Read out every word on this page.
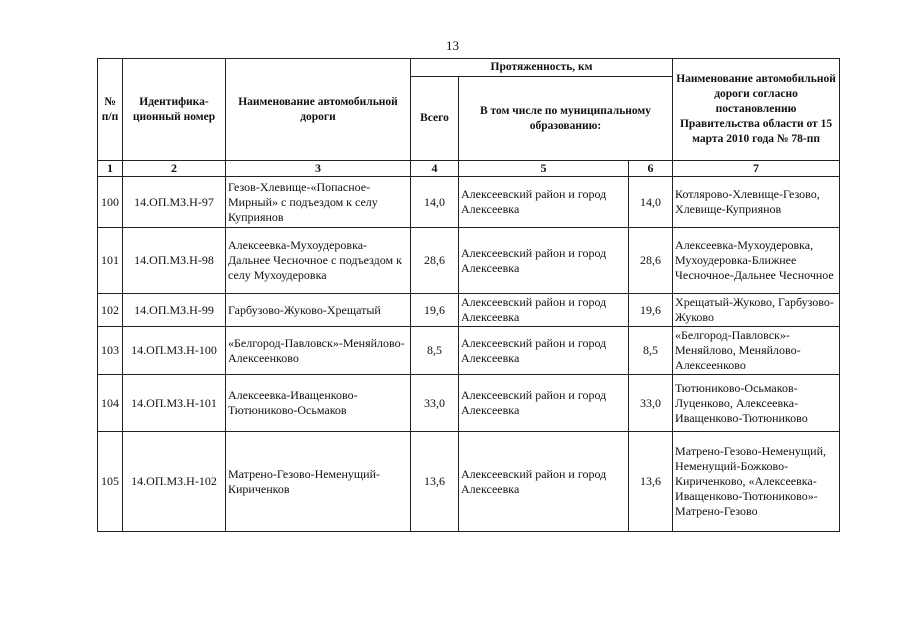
13
№ п/п	Идентифика-ционный номер	Наименование автомобильной дороги	Протяженность, км			Наименование автомобильной дороги согласно постановлению Правительства области от 15 марта 2010 года № 78-пп
			Всего	В том числе по муниципальному образованию:		
1	2	3	4	5	6	7
100	14.ОП.МЗ.Н-97	Гезов-Хлевище-«Попасное-Мирный» с подъездом к селу Куприянов	14,0	Алексеевский район и город Алексеевка	14,0	Котлярово-Хлевище-Гезово, Хлевище-Куприянов
101	14.ОП.МЗ.Н-98	Алексеевка-Мухоудеровка-Дальнее Чесночное с подъездом к селу Мухоудеровка	28,6	Алексеевский район и город Алексеевка	28,6	Алексеевка-Мухоудеровка, Мухоудеровка-Ближнее Чесночное-Дальнее Чесночное
102	14.ОП.МЗ.Н-99	Гарбузово-Жуково-Хрещатый	19,6	Алексеевский район и город Алексеевка	19,6	Хрещатый-Жуково, Гарбузово-Жуково
103	14.ОП.МЗ.Н-100	«Белгород-Павловск»-Меняйлово-Алексеенково	8,5	Алексеевский район и город Алексеевка	8,5	«Белгород-Павловск»-Меняйлово, Меняйлово-Алексеенково
104	14.ОП.МЗ.Н-101	Алексеевка-Иващенково-Тютюниково-Осьмаков	33,0	Алексеевский район и город Алексеевка	33,0	Тютюниково-Осьмаков-Луценково, Алексеевка-Иващенково-Тютюниково
105	14.ОП.МЗ.Н-102	Матрено-Гезово-Неменущий-Кириченков	13,6	Алексеевский район и город Алексеевка	13,6	Матрено-Гезово-Неменущий, Неменущий-Божково-Кириченково, «Алексеевка-Иващенково-Тютюниково»-Матрено-Гезово
